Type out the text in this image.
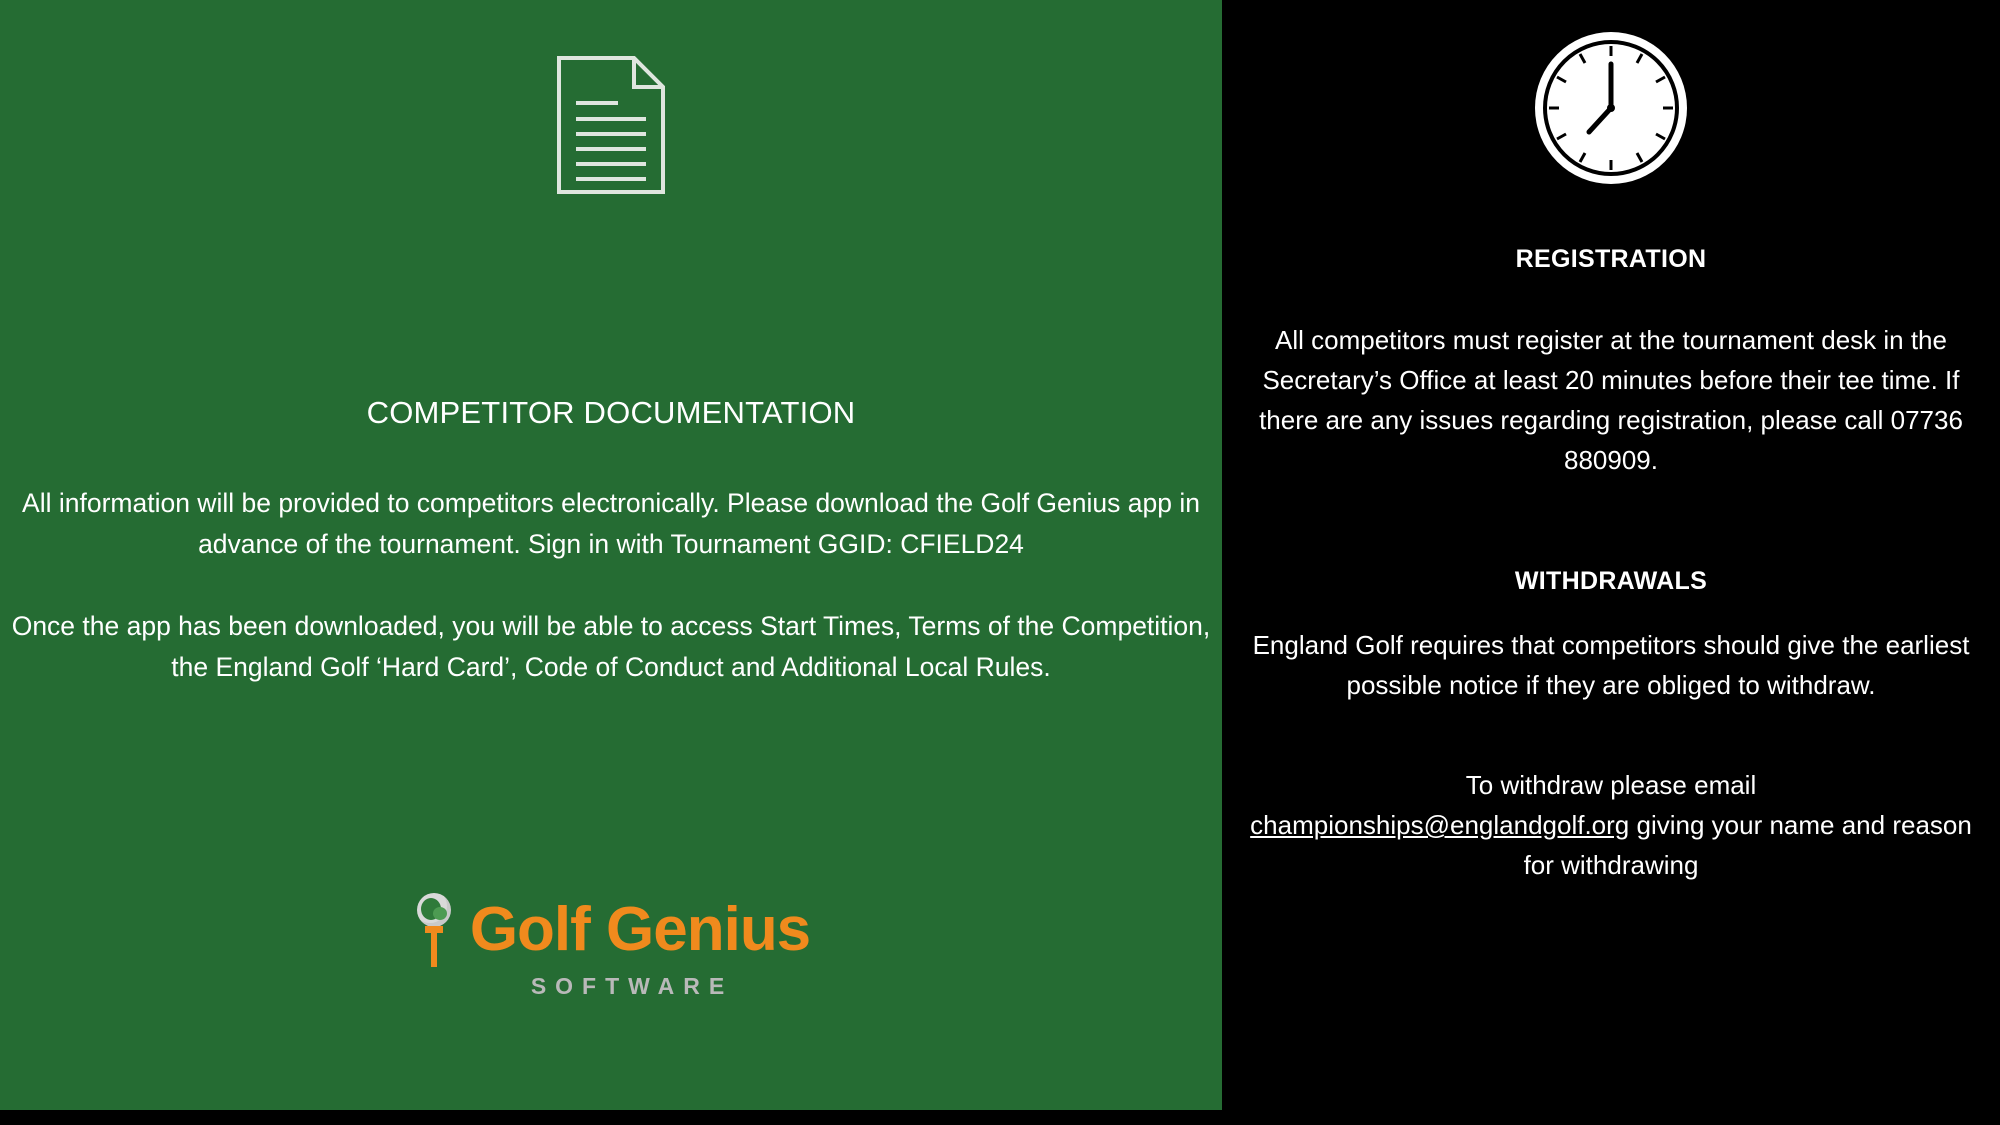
COMPETITOR DOCUMENTATION

All information will be provided to competitors electronically. Please download the Golf Genius app in advance of the tournament. Sign in with Tournament GGID: CFIELD24

Once the app has been downloaded, you will be able to access Start Times, Terms of the Competition, the England Golf ‘Hard Card’, Code of Conduct and Additional Local Rules.

Golf Genius
SOFTWARE
REGISTRATION

All competitors must register at the tournament desk in the Secretary’s Office at least 20 minutes before their tee time. If there are any issues regarding registration, please call 07736 880909.

WITHDRAWALS

England Golf requires that competitors should give the earliest possible notice if they are obliged to withdraw.

To withdraw please email
championships@englandgolf.org giving your name and reason for withdrawing
